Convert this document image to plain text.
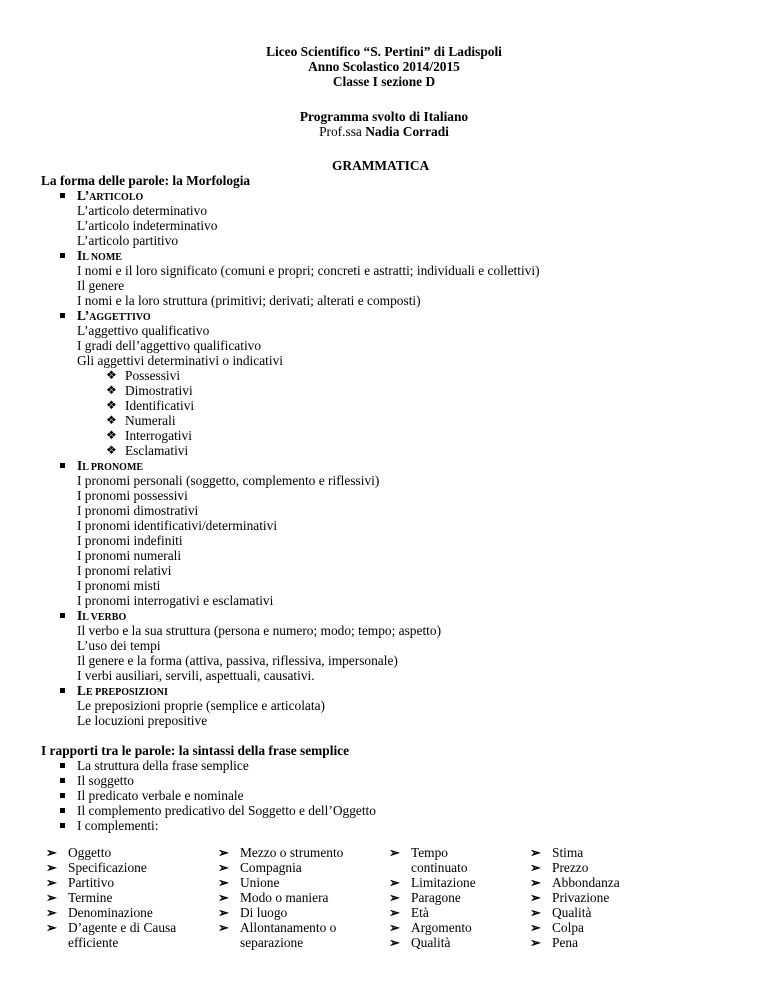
Liceo Scientifico “S. Pertini” di Ladispoli
Anno Scolastico 2014/2015
Classe I sezione D
Programma svolto di Italiano
Prof.ssa Nadia Corradi
GRAMMATICA
La forma delle parole: la Morfologia
L’ARTICOLO
L’articolo determinativo
L’articolo indeterminativo
L’articolo partitivo
IL NOME
I nomi e il loro significato (comuni e propri; concreti e astratti; individuali e collettivi)
Il genere
I nomi e la loro struttura (primitivi; derivati; alterati e composti)
L’AGGETTIVO
L’aggettivo qualificativo
I gradi dell’aggettivo qualificativo
Gli aggettivi determinativi o indicativi
❖ Possessivi
❖ Dimostrativi
❖ Identificativi
❖ Numerali
❖ Interrogativi
❖ Esclamativi
IL PRONOME
I pronomi personali (soggetto, complemento e riflessivi)
I pronomi possessivi
I pronomi dimostrativi
I pronomi identificativi/determinativi
I pronomi indefiniti
I pronomi numerali
I pronomi relativi
I pronomi misti
I pronomi interrogativi e esclamativi
IL VERBO
Il verbo e la sua struttura (persona e numero; modo; tempo; aspetto)
L’uso dei tempi
Il genere e la forma (attiva, passiva, riflessiva, impersonale)
I verbi ausiliari, servili, aspettuali, causativi.
LE PREPOSIZIONI
Le preposizioni proprie (semplice e articolata)
Le locuzioni prepositive
I rapporti tra le parole: la sintassi della frase semplice
La struttura della frase semplice
Il soggetto
Il predicato verbale e nominale
Il complemento predicativo del Soggetto e dell’Oggetto
I complementi:
➢ Oggetto
➢ Specificazione
➢ Partitivo
➢ Termine
➢ Denominazione
➢ D’agente e di Causa efficiente
➢ Mezzo o strumento
➢ Compagnia
➢ Unione
➢ Modo o maniera
➢ Di luogo
➢ Allontanamento o separazione
➢ Tempo continuato
➢ Limitazione
➢ Paragone
➢ Età
➢ Argomento
➢ Qualità
➢ Stima
➢ Prezzo
➢ Abbondanza
➢ Privazione
➢ Qualità
➢ Colpa
➢ Pena
